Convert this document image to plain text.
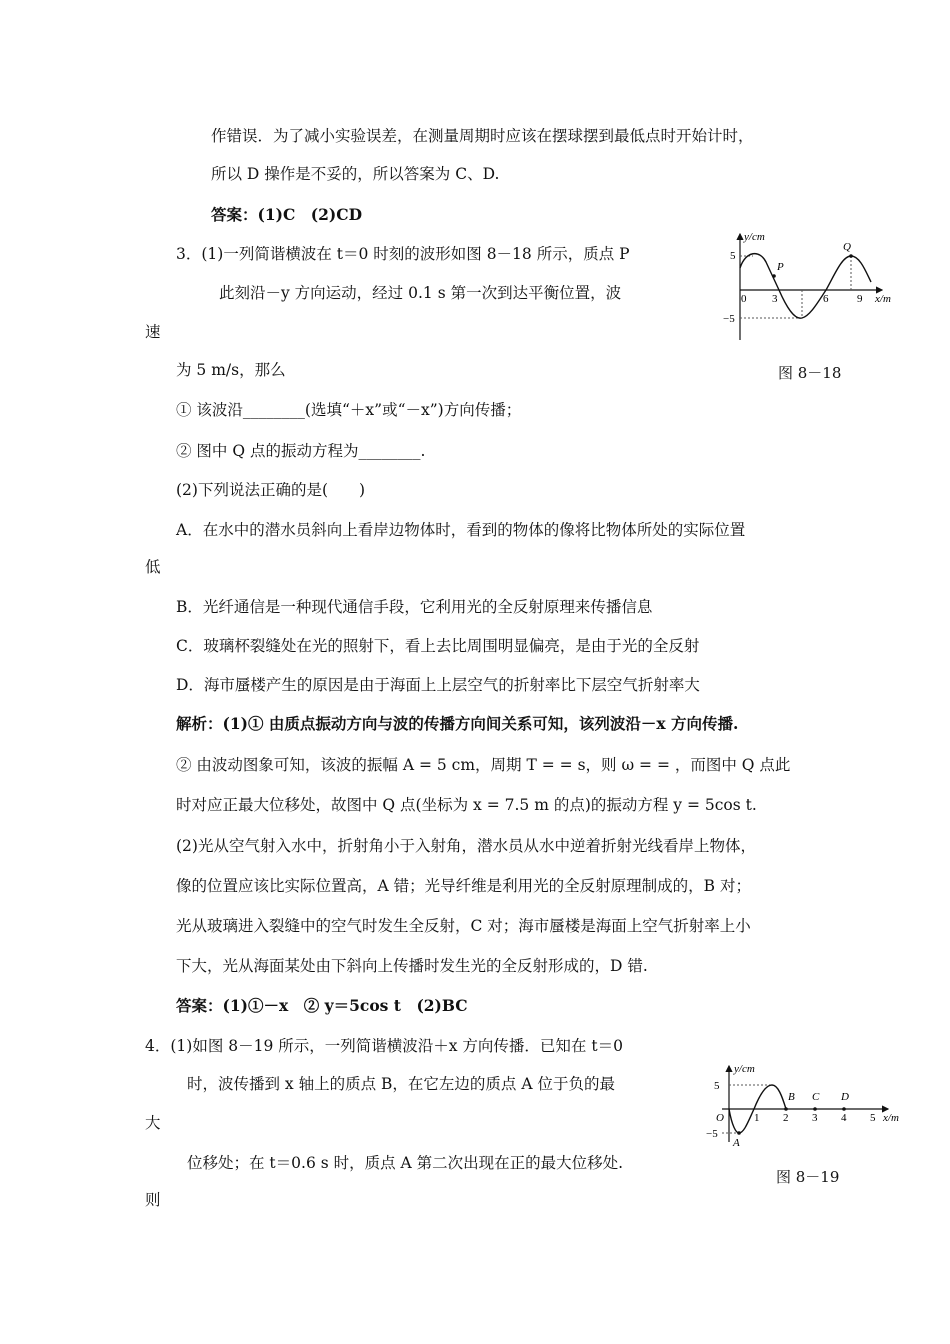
作错误．为了减小实验误差，在测量周期时应该在摆球摆到最低点时开始计时，
所以 D 操作是不妥的，所以答案为 C、D.
答案：(1)C　(2)CD
3．(1)一列简谐横波在 t＝0 时刻的波形如图 8－18 所示，质点 P
此刻沿－y 方向运动，经过 0.1 s 第一次到达平衡位置，波
速
为 5 m/s，那么
① 该波沿________(选填“＋x”或“－x”)方向传播；
② 图中 Q 点的振动方程为________.
(2)下列说法正确的是(　　)
A．在水中的潜水员斜向上看岸边物体时，看到的物体的像将比物体所处的实际位置
低
B．光纤通信是一种现代通信手段，它利用光的全反射原理来传播信息
C．玻璃杯裂缝处在光的照射下，看上去比周围明显偏亮，是由于光的全反射
D．海市蜃楼产生的原因是由于海面上上层空气的折射率比下层空气折射率大
解析：(1)① 由质点振动方向与波的传播方向间关系可知，该列波沿－x 方向传播.
② 由波动图象可知，该波的振幅 A = 5 cm，周期 T = = s，则 ω = = ，而图中 Q 点此
时对应正最大位移处，故图中 Q 点(坐标为 x = 7.5 m 的点)的振动方程 y = 5cos t.
(2)光从空气射入水中，折射角小于入射角，潜水员从水中逆着折射光线看岸上物体，
像的位置应该比实际位置高，A 错；光导纤维是利用光的全反射原理制成的，B 对；
光从玻璃进入裂缝中的空气时发生全反射，C 对；海市蜃楼是海面上空气折射率上小
下大，光从海面某处由下斜向上传播时发生光的全反射形成的，D 错.
答案：(1)①－x　② y＝5cos t　(2)BC
4．(1)如图 8－19 所示，一列简谐横波沿＋x 方向传播．已知在 t＝0
时，波传播到 x 轴上的质点 B，在它左边的质点 A 位于负的最
大
位移处；在 t＝0.6 s 时，质点 A 第二次出现在正的最大位移处.
则
y/cm
x/m
5
−5
0 3	6	9
P
Q
图 8－18
y/cm
x/m
O
5
−5
1 2 3 4 5
A
B C D
图 8－19
